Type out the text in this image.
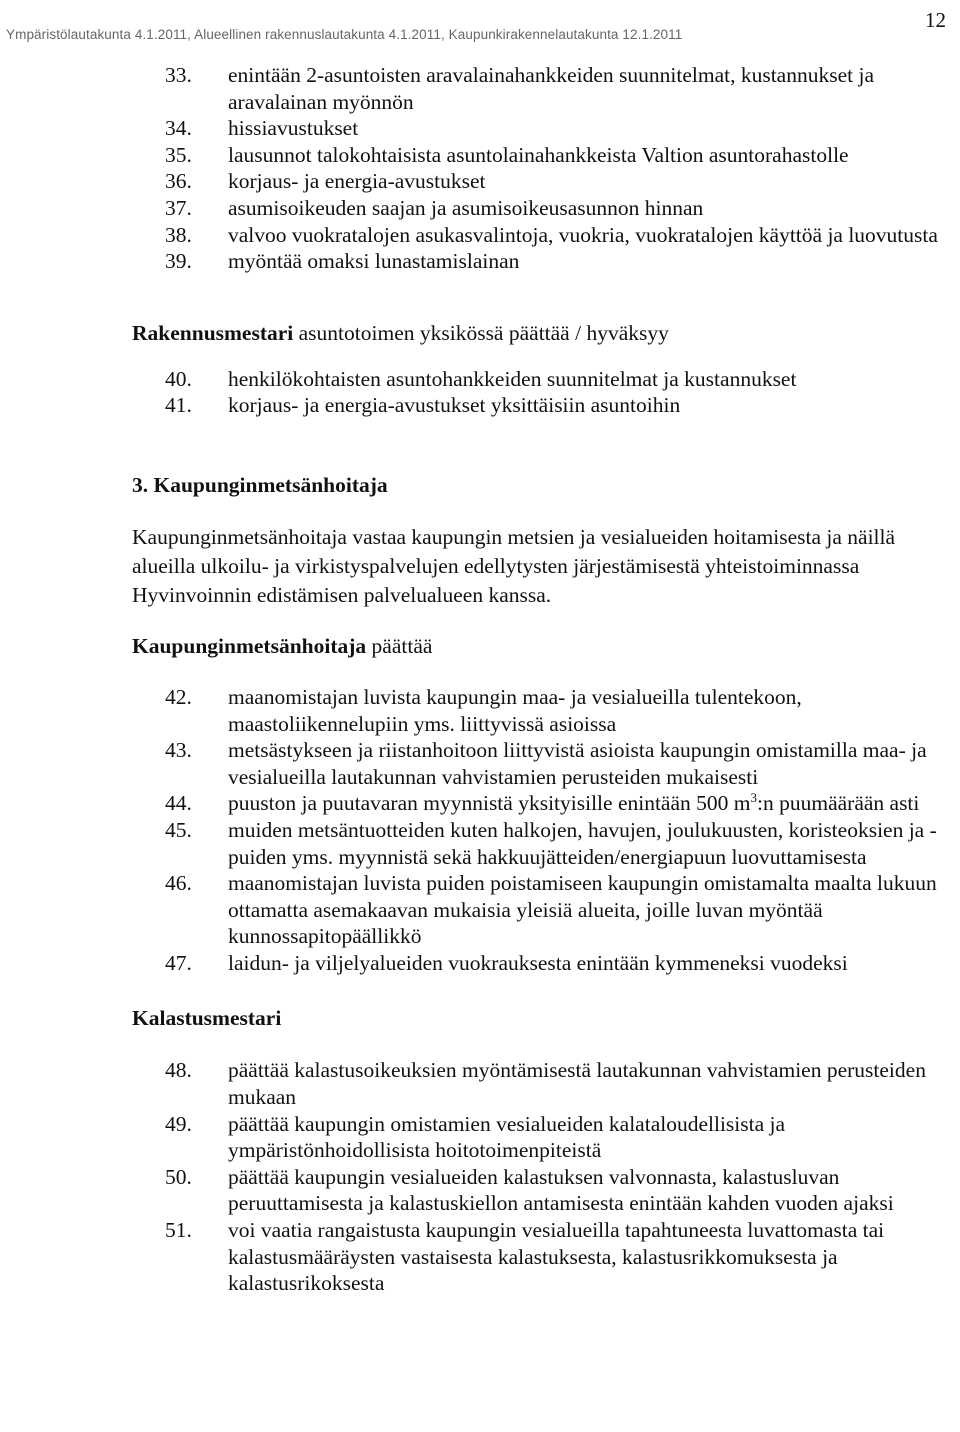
Ympäristölautakunta 4.1.2011, Alueellinen rakennuslautakunta 4.1.2011, Kaupunkirakennelautakunta 12.1.2011
12
33. enintään 2-asuntoisten aravalainahankkeiden suunnitelmat, kustannukset ja aravalainan myönnön
34. hissiavustukset
35. lausunnot talokohtaisista asuntolainahankkeista Valtion asuntorahastolle
36. korjaus- ja energia-avustukset
37. asumisoikeuden saajan ja asumisoikeusasunnon hinnan
38. valvoo vuokratalojen asukasvalintoja, vuokria, vuokratalojen käyttöä ja luovutusta
39. myöntää omaksi lunastamislainan

Rakennusmestari asuntotoimen yksikössä päättää / hyväksyy

40. henkilökohtaisten asuntohankkeiden suunnitelmat ja kustannukset
41. korjaus- ja energia-avustukset yksittäisiin asuntoihin

3. Kaupunginmetsänhoitaja

Kaupunginmetsänhoitaja vastaa kaupungin metsien ja vesialueiden hoitamisesta ja näillä alueilla ulkoilu- ja virkistyspalvelujen edellytysten järjestämisestä yhteistoiminnassa Hyvinvoinnin edistämisen palvelualueen kanssa.

Kaupunginmetsänhoitaja päättää

42. maanomistajan luvista kaupungin maa- ja vesialueilla tulentekoon, maastoliikennelupiin yms. liittyvissä asioissa
43. metsästykseen ja riistanhoitoon liittyvistä asioista kaupungin omistamilla maa- ja vesialueilla lautakunnan vahvistamien perusteiden mukaisesti
44. puuston ja puutavaran myynnistä yksityisille enintään 500 $m^3:n$ puumäärään asti
45. muiden metsäntuotteiden kuten halkojen, havujen, joulukuusten, koristeoksien ja -puiden yms. myynnistä sekä hakkuujätteiden/energiapuun luovuttamisesta
46. maanomistajan luvista puiden poistamiseen kaupungin omistamalta maalta lukuun ottamatta asemakaavan mukaisia yleisiä alueita, joille luvan myöntää kunnossapitopäällikkö
47. laidun- ja viljelyalueiden vuokrauksesta enintään kymmeneksi vuodeksi

Kalastusmestari

48. päättää kalastusoikeuksien myöntämisestä lautakunnan vahvistamien perusteiden mukaan
49. päättää kaupungin omistamien vesialueiden kalataloudellisista ja ympäristönhoidollisista hoitotoimenpiteistä
50. päättää kaupungin vesialueiden kalastuksen valvonnasta, kalastusluvan peruuttamisesta ja kalastuskiellon antamisesta enintään kahden vuoden ajaksi
51. voi vaatia rangaistusta kaupungin vesialueilla tapahtuneesta luvattomasta tai kalastusmääräysten vastaisesta kalastuksesta, kalastusrikkomuksesta ja kalastusrikoksesta
